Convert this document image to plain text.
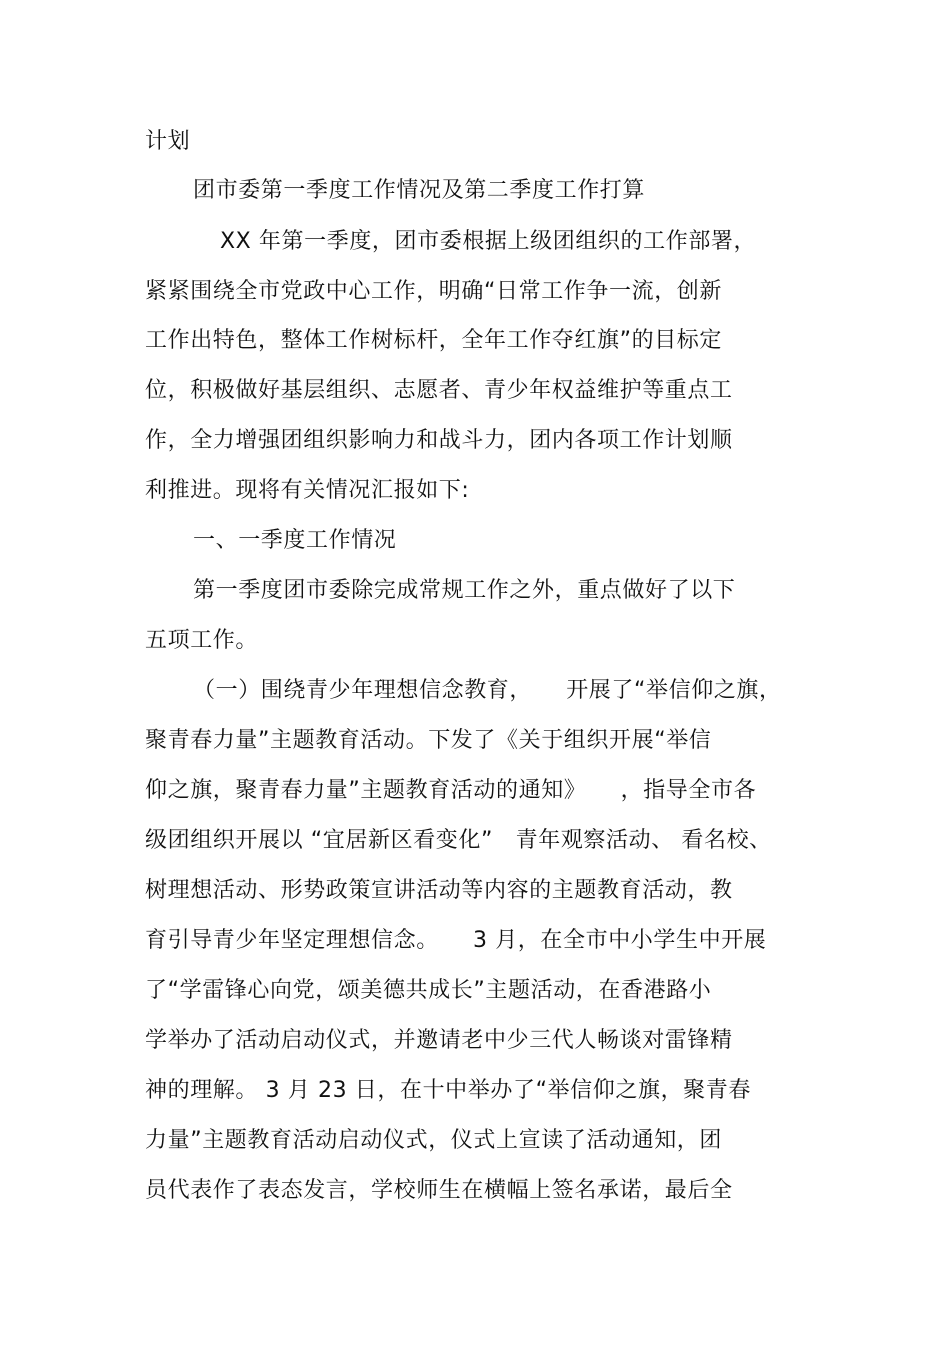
计划
团市委第一季度工作情况及第二季度工作打算
XX 年第一季度，团市委根据上级团组织的工作部署，
紧紧围绕全市党政中心工作，明确“日常工作争一流，创新
工作出特色，整体工作树标杆，全年工作夺红旗”的目标定
位，积极做好基层组织、志愿者、青少年权益维护等重点工
作，全力增强团组织影响力和战斗力，团内各项工作计划顺
利推进。现将有关情况汇报如下:
一、一季度工作情况
第一季度团市委除完成常规工作之外，重点做好了以下
五项工作。
（一）围绕青少年理想信念教育，　　开展了“举信仰之旗，
聚青春力量”主题教育活动。下发了《关于组织开展“举信
仰之旗，聚青春力量”主题教育活动的通知》　　，指导全市各
级团组织开展以 “宜居新区看变化”　青年观察活动、 看名校、
树理想活动、形势政策宣讲活动等内容的主题教育活动，教
育引导青少年坚定理想信念。　　3 月，在全市中小学生中开展
了“学雷锋心向党，颂美德共成长”主题活动，在香港路小
学举办了活动启动仪式，并邀请老中少三代人畅谈对雷锋精
神的理解。 3 月 23 日，在十中举办了“举信仰之旗，聚青春
力量”主题教育活动启动仪式，仪式上宣读了活动通知，团
员代表作了表态发言，学校师生在横幅上签名承诺，最后全
